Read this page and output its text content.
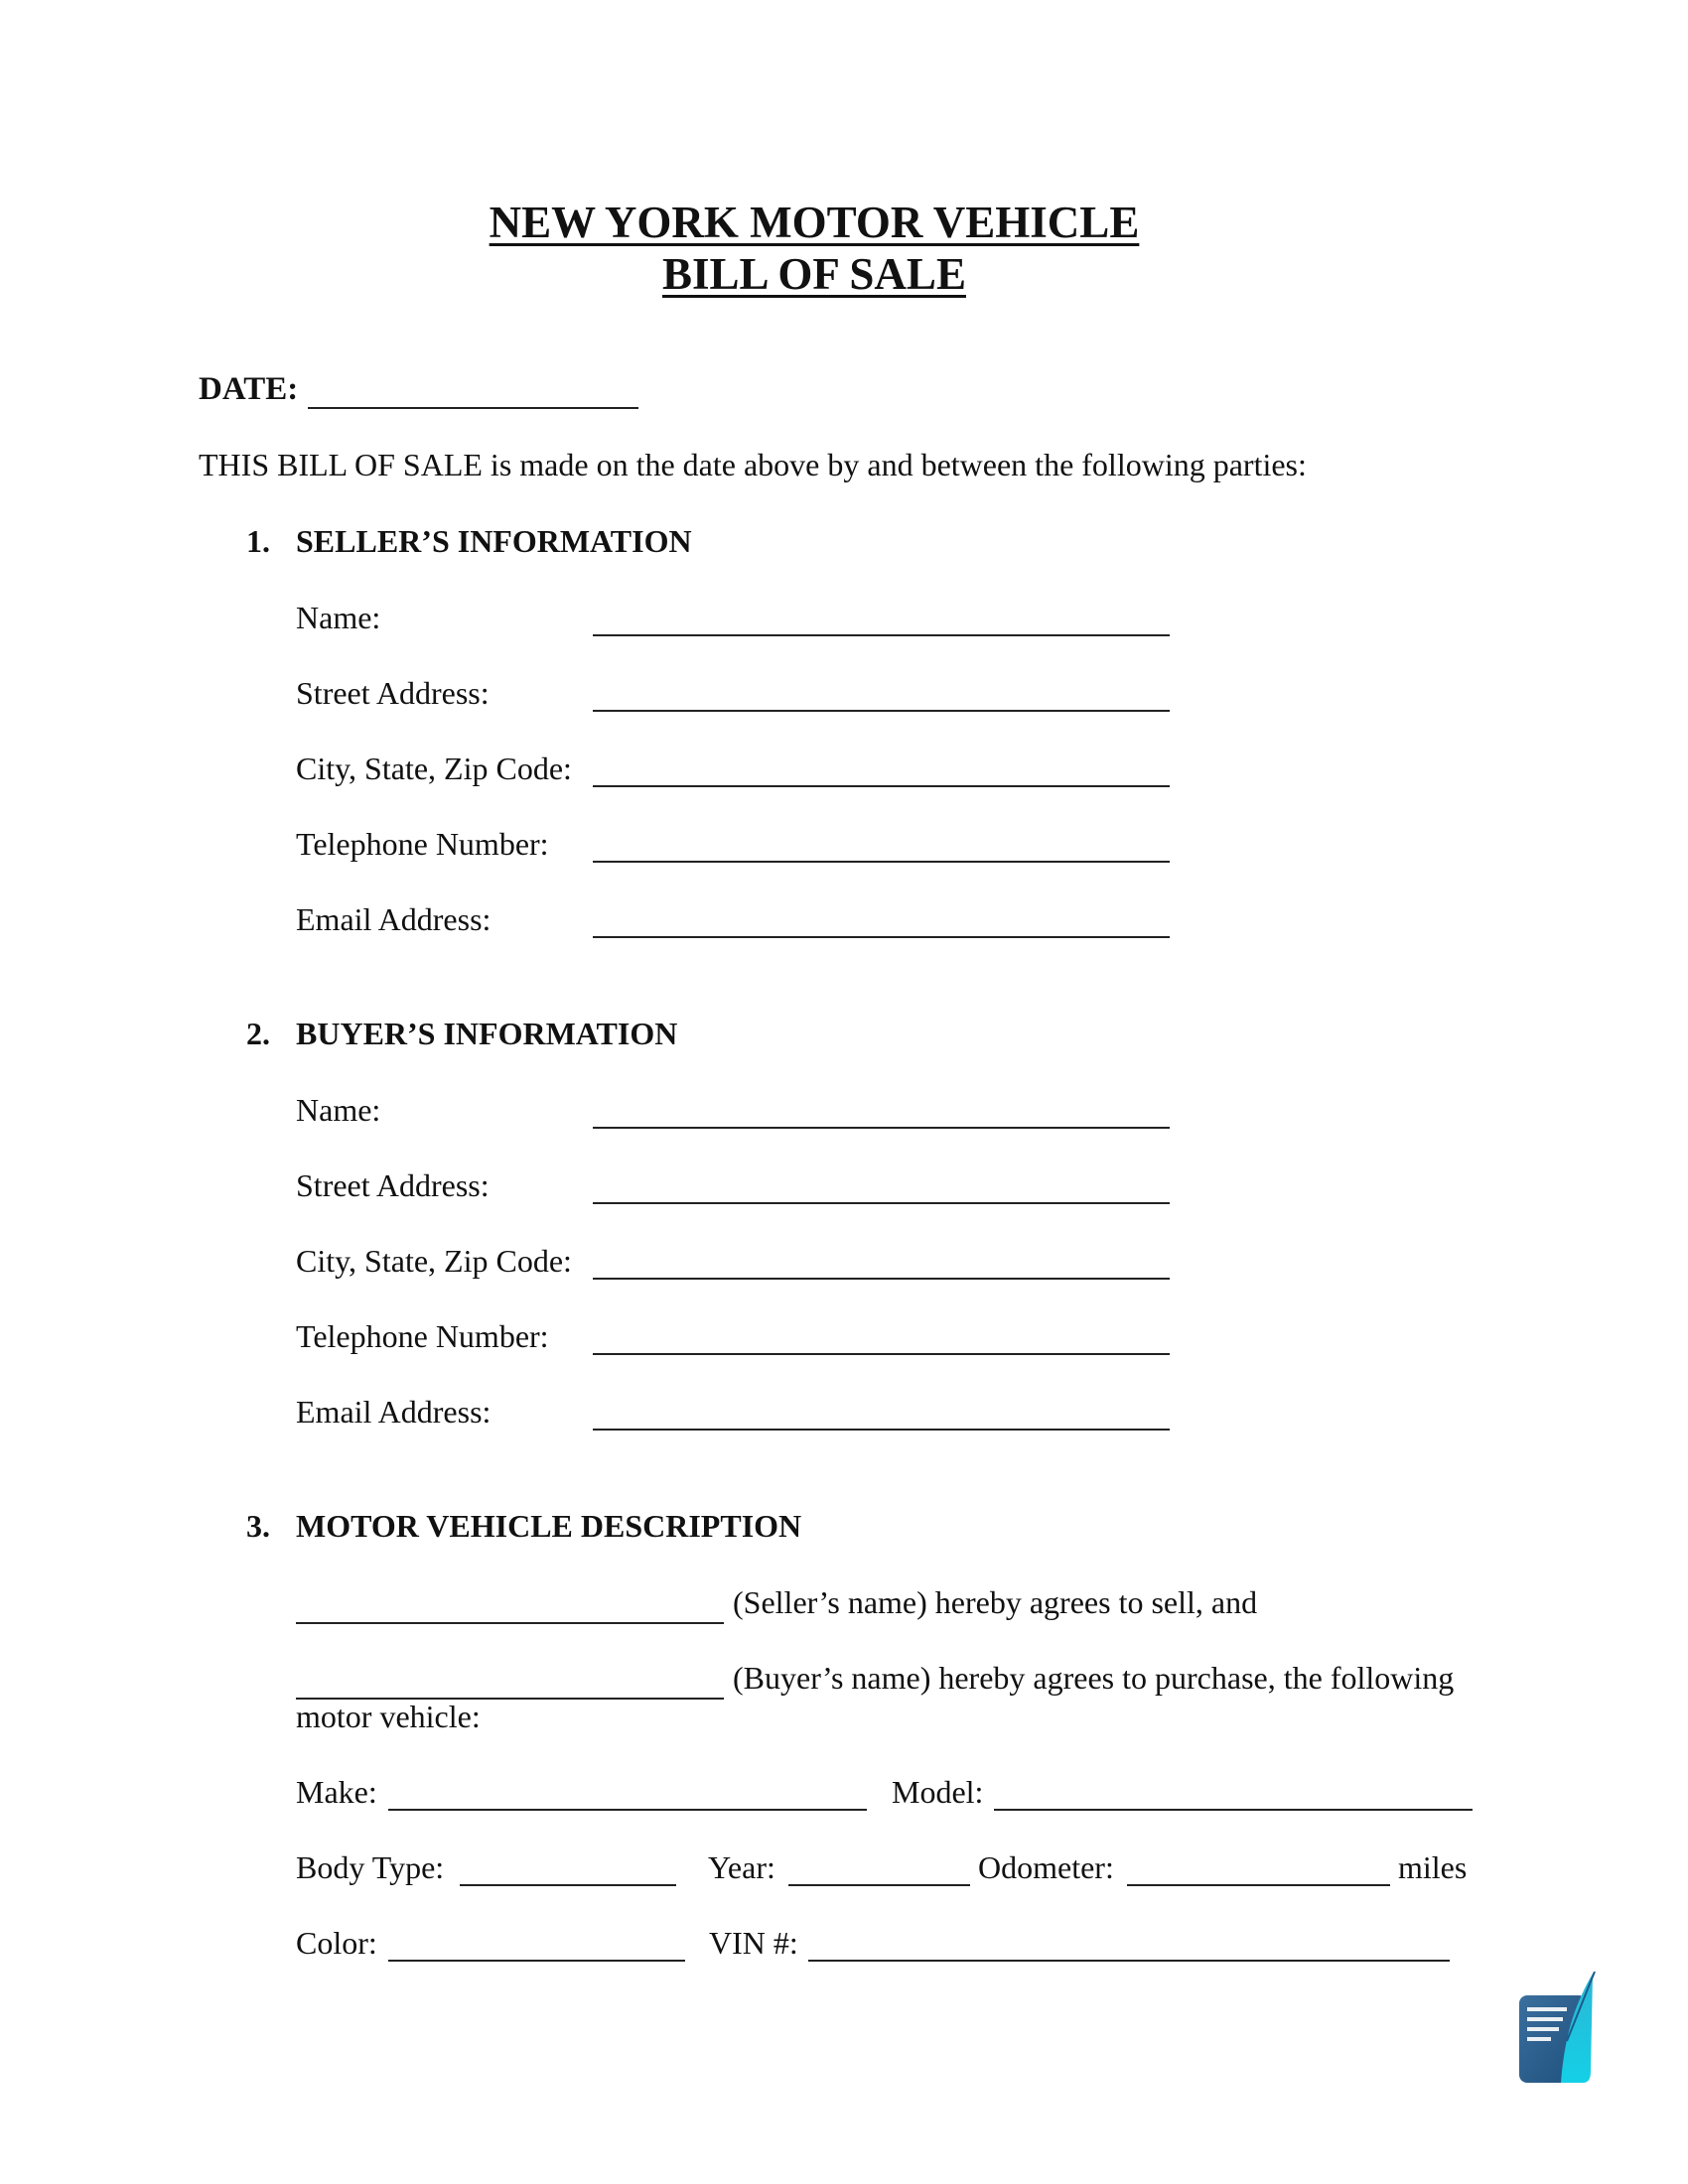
NEW YORK MOTOR VEHICLE
BILL OF SALE
DATE:
THIS BILL OF SALE is made on the date above by and between the following parties:
1. SELLER’S INFORMATION
Name:
Street Address:
City, State, Zip Code:
Telephone Number:
Email Address:
2. BUYER’S INFORMATION
Name:
Street Address:
City, State, Zip Code:
Telephone Number:
Email Address:
3. MOTOR VEHICLE DESCRIPTION
(Seller’s name) hereby agrees to sell, and
(Buyer’s name) hereby agrees to purchase, the following
motor vehicle:
Make:	Model:
Body Type:	Year:	Odometer:	miles
Color:	VIN #:
